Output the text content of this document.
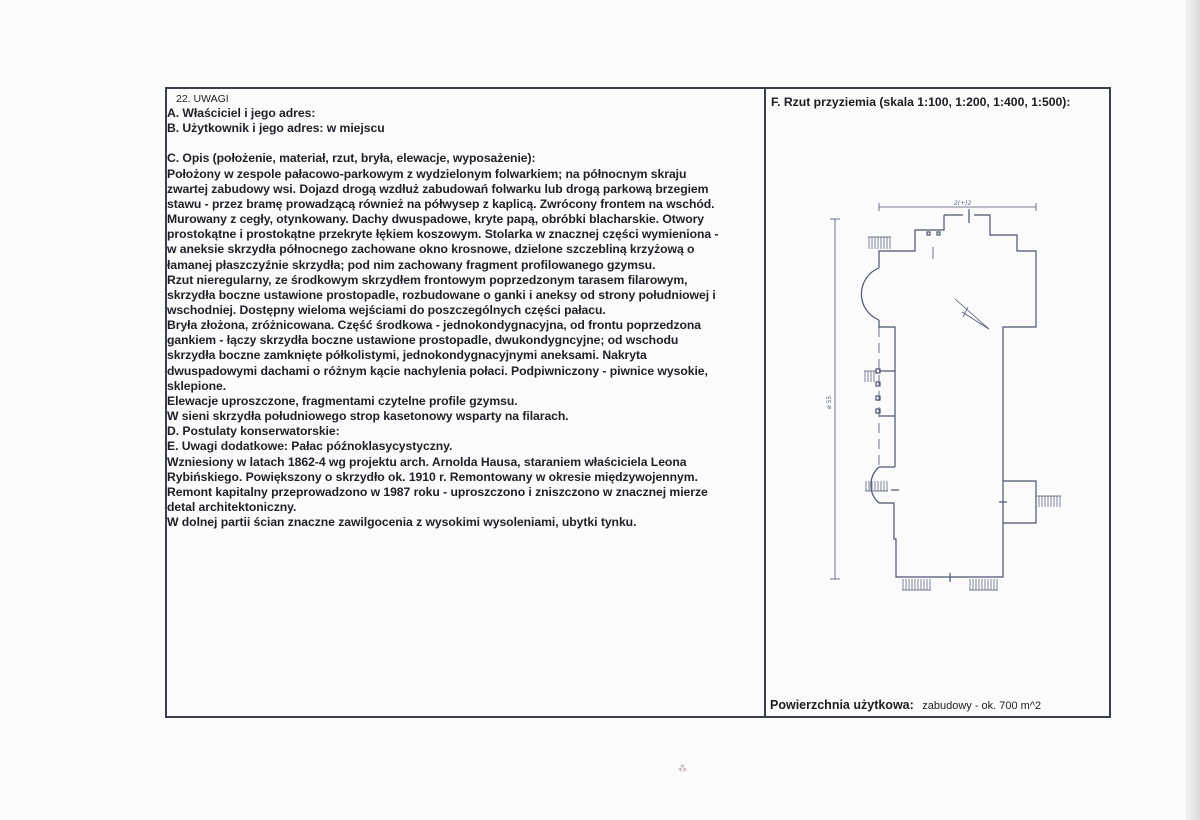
22. UWAGI
A. Właściciel i jego adres:
B. Użytkownik i jego adres: w miejscu
C. Opis (położenie, materiał, rzut, bryła, elewacje, wyposażenie):
Położony w zespole pałacowo-parkowym z wydzielonym folwarkiem; na północnym skraju
zwartej zabudowy wsi. Dojazd drogą wzdłuż zabudowań folwarku lub drogą parkową brzegiem
stawu - przez bramę prowadzącą również na półwysep z kaplicą. Zwrócony frontem na wschód.
Murowany z cegły, otynkowany. Dachy dwuspadowe, kryte papą, obróbki blacharskie. Otwory
prostokątne i prostokątne przekryte łękiem koszowym. Stolarka w znacznej części wymieniona -
w aneksie skrzydła północnego zachowane okno krosnowe, dzielone szczebliną krzyżową o
łamanej płaszczyźnie skrzydła; pod nim zachowany fragment profilowanego gzymsu.
Rzut nieregularny, ze środkowym skrzydłem frontowym poprzedzonym tarasem filarowym,
skrzydła boczne ustawione prostopadle, rozbudowane o ganki i aneksy od strony południowej i
wschodniej. Dostępny wieloma wejściami do poszczególnych części pałacu.
Bryła złożona, zróżnicowana. Część środkowa - jednokondygnacyjna, od frontu poprzedzona
gankiem - łączy skrzydła boczne ustawione prostopadle, dwukondygncyjne; od wschodu
skrzydła boczne zamknięte półkolistymi, jednokondygnacyjnymi aneksami. Nakryta
dwuspadowymi dachami o różnym kącie nachylenia połaci. Podpiwniczony - piwnice wysokie,
sklepione.
Elewacje uproszczone, fragmentami czytelne profile gzymsu.
W sieni skrzydła południowego strop kasetonowy wsparty na filarach.
D. Postulaty konserwatorskie:
E. Uwagi dodatkowe: Pałac późnoklasycystyczny.
Wzniesiony w latach 1862-4 wg projektu arch. Arnolda Hausa, staraniem właściciela Leona
Rybińskiego. Powiększony o skrzydło ok. 1910 r. Remontowany w okresie międzywojennym.
Remont kapitalny przeprowadzono w 1987 roku - uproszczono i zniszczono w znacznej mierze
detal architektoniczny.
W dolnej partii ścian znaczne zawilgocenia z wysokimi wysoleniami, ubytki tynku.
F. Rzut przyziemia (skala 1:100, 1:200, 1:400, 1:500):
2(+)2
ø 55
Powierzchnia użytkowa: zabudowy - ok. 700 m^2
⁂
